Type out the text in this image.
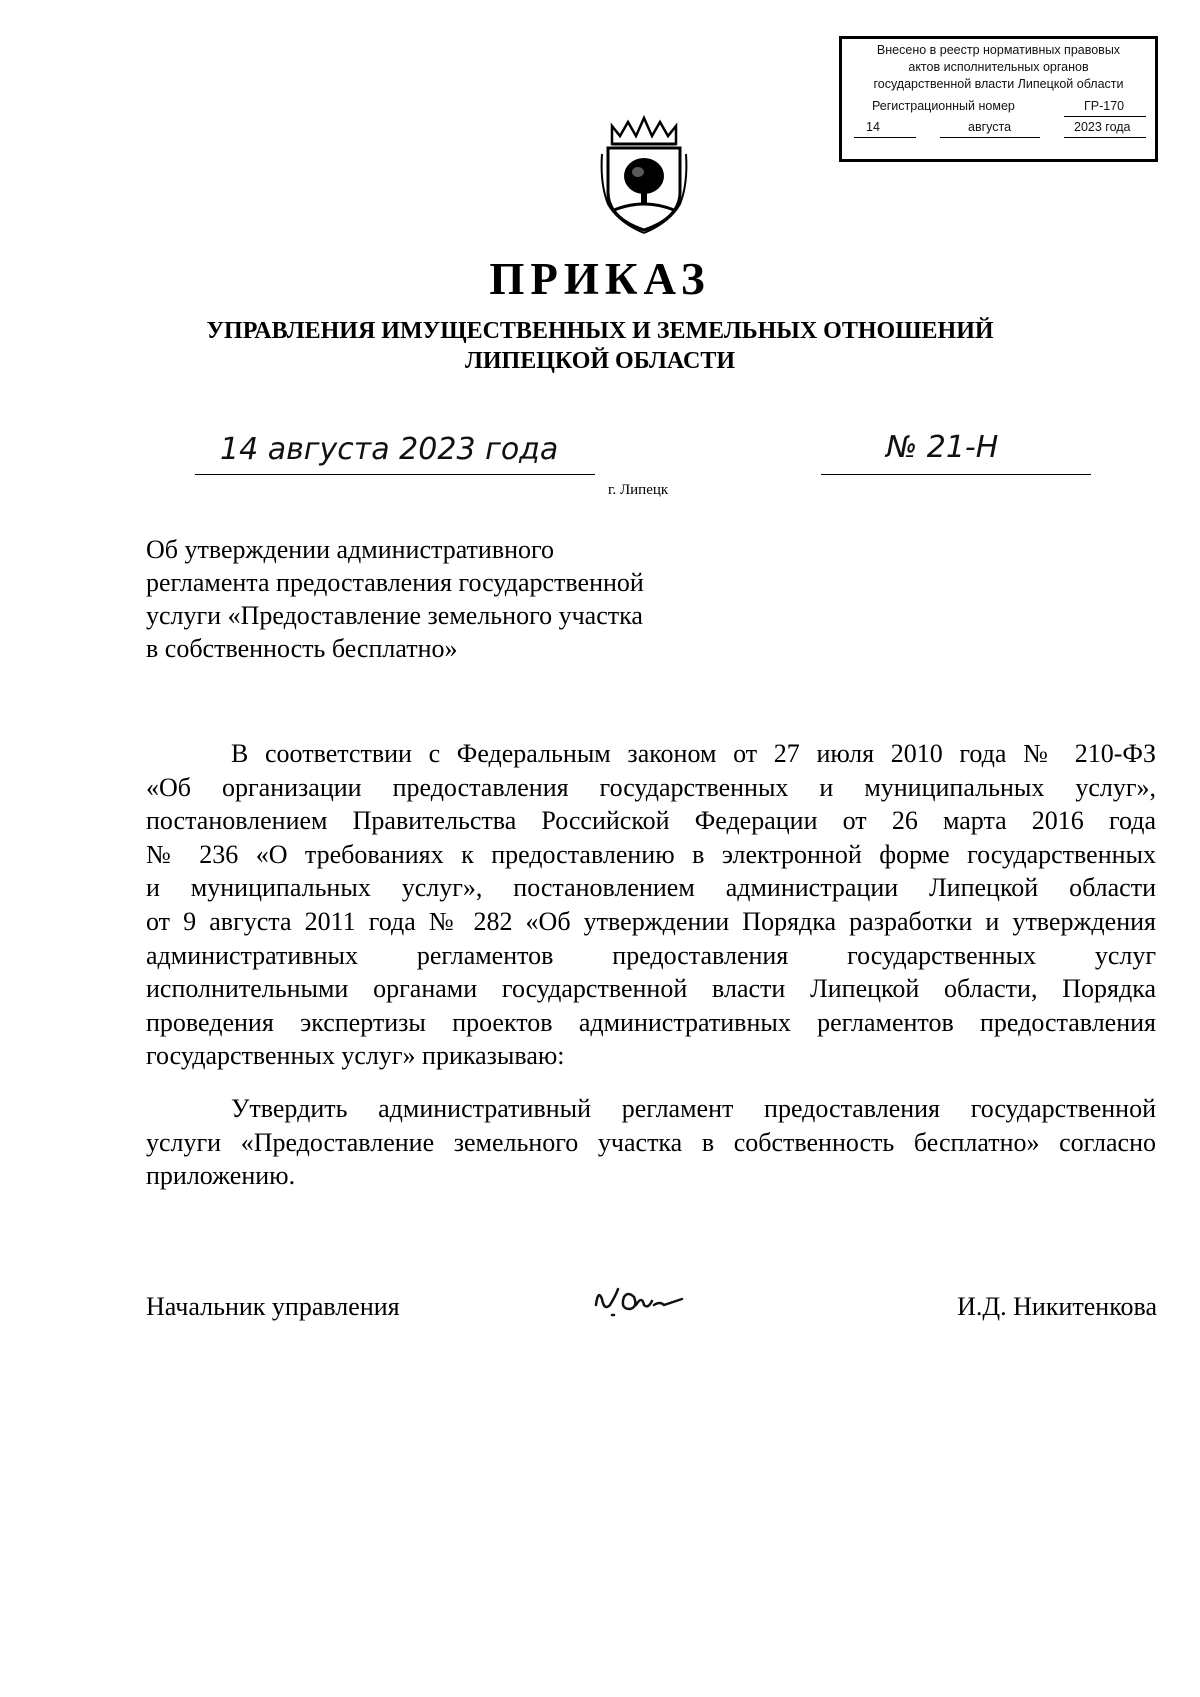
Внесено в реестр нормативных правовых
актов исполнительных органов
государственной власти Липецкой области
Регистрационный номер	ГР-170
14	августа	2023 года
ПРИКАЗ
УПРАВЛЕНИЯ ИМУЩЕСТВЕННЫХ И ЗЕМЕЛЬНЫХ ОТНОШЕНИЙ
ЛИПЕЦКОЙ ОБЛАСТИ
14 августа 2023 года
г. Липецк
№ 21-Н
Об утверждении административного
регламента предоставления государственной
услуги «Предоставление земельного участка
в собственность бесплатно»
В соответствии с Федеральным законом от 27 июля 2010 года № 210-ФЗ
«Об организации предоставления государственных и муниципальных услуг»,
постановлением Правительства Российской Федерации от 26 марта 2016 года
№ 236 «О требованиях к предоставлению в электронной форме государственных
и муниципальных услуг», постановлением администрации Липецкой области
от 9 августа 2011 года № 282 «Об утверждении Порядка разработки и утверждения
административных регламентов предоставления государственных услуг
исполнительными органами государственной власти Липецкой области, Порядка
проведения экспертизы проектов административных регламентов предоставления
государственных услуг» приказываю:
Утвердить административный регламент предоставления государственной
услуги «Предоставление земельного участка в собственность бесплатно» согласно
приложению.
Начальник управления	И.Д. Никитенкова
